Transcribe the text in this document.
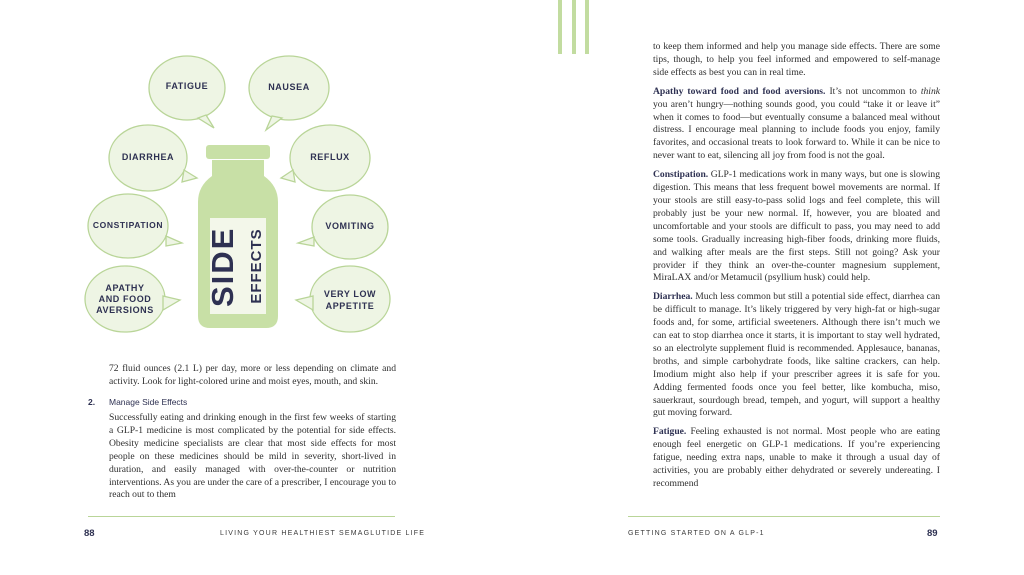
SIDE EFFECTS
FATIGUE	NAUSEA
DIARRHEA	REFLUX
CONSTIPATION	VOMITING
APATHY
AND FOOD
AVERSIONS
VERY LOW
APPETITE
72 fluid ounces (2.1 L) per day, more or less depending on climate and activity. Look for light-colored urine and moist eyes, mouth, and skin.
2. Manage Side Effects
Successfully eating and drinking enough in the first few weeks of starting a GLP-1 medicine is most complicated by the potential for side effects. Obesity medicine specialists are clear that most side effects for most people on these medicines should be mild in severity, short-lived in duration, and easily managed with over-the-counter or nutrition interventions. As you are under the care of a prescriber, I encourage you to reach out to them
88	LIVING YOUR HEALTHIEST SEMAGLUTIDE LIFE

to keep them informed and help you manage side effects. There are some tips, though, to help you feel informed and empowered to self-manage side effects as best you can in real time.

Apathy toward food and food aversions. It’s not uncommon to think you aren’t hungry—nothing sounds good, you could “take it or leave it” when it comes to food—but eventually consume a balanced meal without distress. I encourage meal planning to include foods you enjoy, family favorites, and occasional treats to look forward to. While it can be nice to never want to eat, silencing all joy from food is not the goal.

Constipation. GLP-1 medications work in many ways, but one is slowing digestion. This means that less frequent bowel movements are normal. If your stools are still easy-to-pass solid logs and feel complete, this will probably just be your new normal. If, however, you are bloated and uncomfortable and your stools are difficult to pass, you may need to add some tools. Gradually increasing high-fiber foods, drinking more fluids, and walking after meals are the first steps. Still not going? Ask your provider if they think an over-the-counter magnesium supplement, MiraLAX and/or Metamucil (psyllium husk) could help.

Diarrhea. Much less common but still a potential side effect, diarrhea can be difficult to manage. It’s likely triggered by very high-fat or high-sugar foods and, for some, artificial sweeteners. Although there isn’t much we can eat to stop diarrhea once it starts, it is important to stay well hydrated, so an electrolyte supplement fluid is recommended. Applesauce, bananas, broths, and simple carbohydrate foods, like saltine crackers, can help. Imodium might also help if your prescriber agrees it is safe for you. Adding fermented foods once you feel better, like kombucha, miso, sauerkraut, sourdough bread, tempeh, and yogurt, will support a healthy gut moving forward.

Fatigue. Feeling exhausted is not normal. Most people who are eating enough feel energetic on GLP-1 medications. If you’re experiencing fatigue, needing extra naps, unable to make it through a usual day of activities, you are probably either dehydrated or severely undereating. I recommend

GETTING STARTED ON A GLP-1	89
